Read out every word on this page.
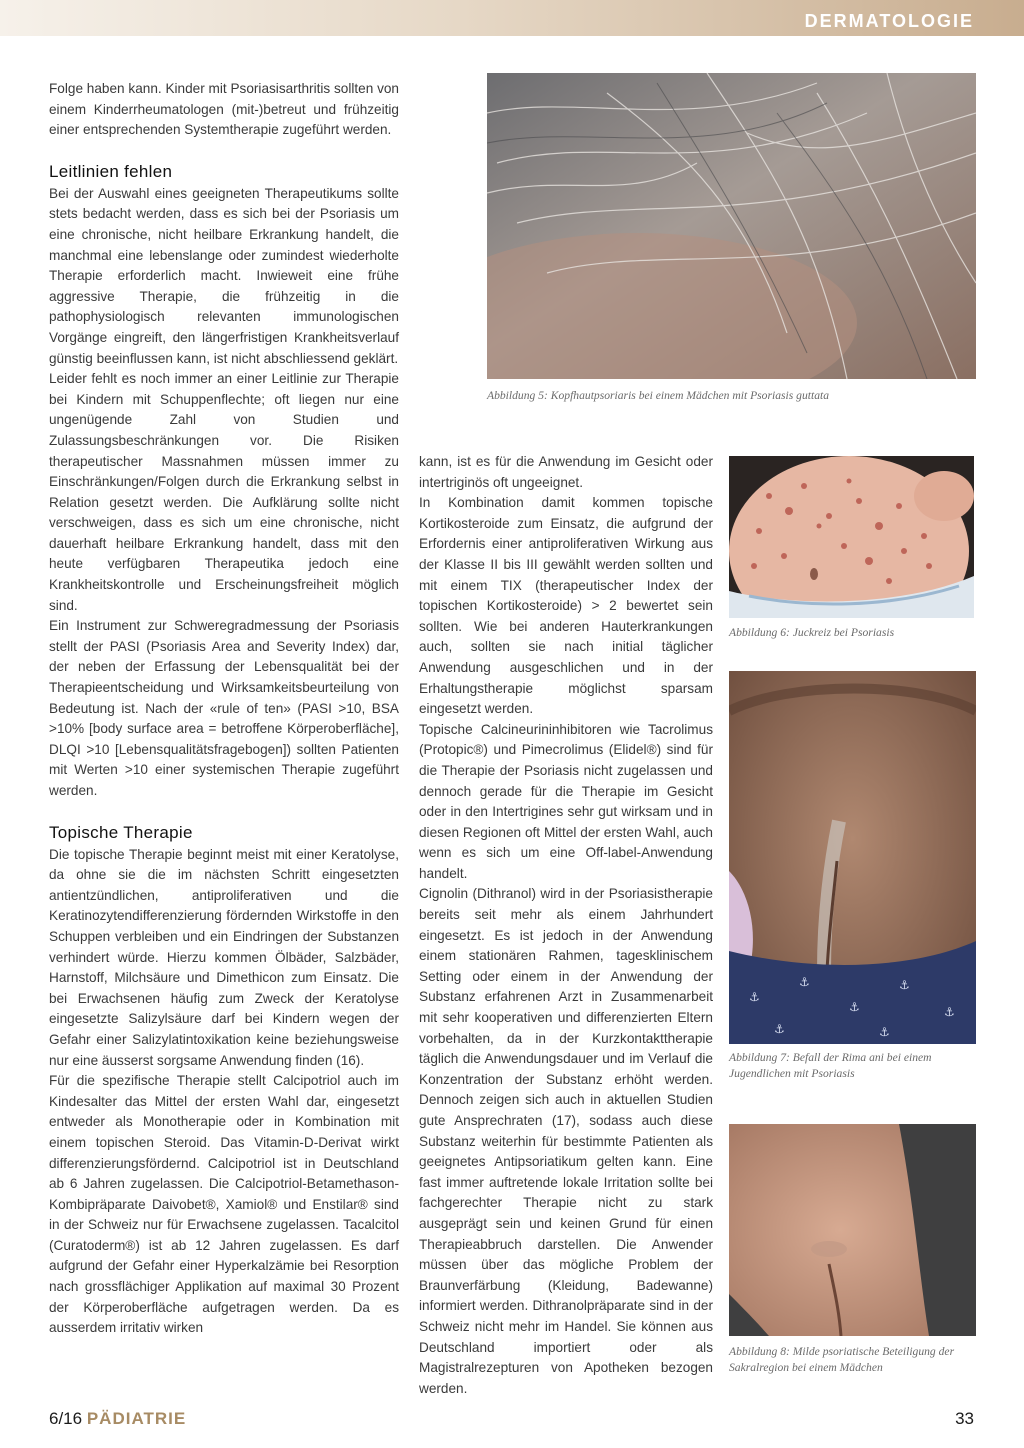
DERMATOLOGIE

Folge haben kann. Kinder mit Psoriasisarthritis sollten von einem Kinderrheumatologen (mit-)betreut und frühzeitig einer entsprechenden Systemtherapie zugeführt werden.

Leitlinien fehlen

Bei der Auswahl eines geeigneten Therapeutikums sollte stets bedacht werden, dass es sich bei der Psoriasis um eine chronische, nicht heilbare Erkrankung handelt, die manchmal eine lebenslange oder zumindest wiederholte Therapie erforderlich macht. Inwieweit eine frühe aggressive Therapie, die frühzeitig in die pathophysiologisch relevanten immunologischen Vorgänge eingreift, den längerfristigen Krankheitsverlauf günstig beeinflussen kann, ist nicht abschliessend geklärt.

Leider fehlt es noch immer an einer Leitlinie zur Therapie bei Kindern mit Schuppenflechte; oft liegen nur eine ungenügende Zahl von Studien und Zulassungsbeschränkungen vor. Die Risiken therapeutischer Massnahmen müssen immer zu Einschränkungen/Folgen durch die Erkrankung selbst in Relation gesetzt werden. Die Aufklärung sollte nicht verschweigen, dass es sich um eine chronische, nicht dauerhaft heilbare Erkrankung handelt, dass mit den heute verfügbaren Therapeutika jedoch eine Krankheitskontrolle und Erscheinungsfreiheit möglich sind.

Ein Instrument zur Schweregradmessung der Psoriasis stellt der PASI (Psoriasis Area and Severity Index) dar, der neben der Erfassung der Lebensqualität bei der Therapieentscheidung und Wirksamkeitsbeurteilung von Bedeutung ist. Nach der «rule of ten» (PASI >10, BSA >10% [body surface area = betroffene Körperoberfläche], DLQI >10 [Lebensqualitätsfragebogen]) sollten Patienten mit Werten >10 einer systemischen Therapie zugeführt werden.

Topische Therapie

Die topische Therapie beginnt meist mit einer Keratolyse, da ohne sie die im nächsten Schritt eingesetzten antientzündlichen, antiproliferativen und die Keratinozytendifferenzierung fördernden Wirkstoffe in den Schuppen verbleiben und ein Eindringen der Substanzen verhindert würde. Hierzu kommen Ölbäder, Salzbäder, Harnstoff, Milchsäure und Dimethicon zum Einsatz. Die bei Erwachsenen häufig zum Zweck der Keratolyse eingesetzte Salizylsäure darf bei Kindern wegen der Gefahr einer Salizylatintoxikation keine beziehungsweise nur eine äusserst sorgsame Anwendung finden (16).

Für die spezifische Therapie stellt Calcipotriol auch im Kindesalter das Mittel der ersten Wahl dar, eingesetzt entweder als Monotherapie oder in Kombination mit einem topischen Steroid. Das Vitamin-D-Derivat wirkt differenzierungsfördernd. Calcipotriol ist in Deutschland ab 6 Jahren zugelassen. Die Calcipotriol-Betamethason-Kombipräparate Daivobet®, Xamiol® und Enstilar® sind in der Schweiz nur für Erwachsene zugelassen. Tacalcitol (Curatoderm®) ist ab 12 Jahren zugelassen. Es darf aufgrund der Gefahr einer Hyperkalzämie bei Resorption nach grossflächiger Applikation auf maximal 30 Prozent der Körperoberfläche aufgetragen werden. Da es ausserdem irritativ wirken

kann, ist es für die Anwendung im Gesicht oder intertriginös oft ungeeignet.

In Kombination damit kommen topische Kortikosteroide zum Einsatz, die aufgrund der Erfordernis einer antiproliferativen Wirkung aus der Klasse II bis III gewählt werden sollten und mit einem TIX (therapeutischer Index der topischen Kortikosteroide) > 2 bewertet sein sollten. Wie bei anderen Hauterkrankungen auch, sollten sie nach initial täglicher Anwendung ausgeschlichen und in der Erhaltungstherapie möglichst sparsam eingesetzt werden.

Topische Calcineurininhibitoren wie Tacrolimus (Protopic®) und Pimecrolimus (Elidel®) sind für die Therapie der Psoriasis nicht zugelassen und dennoch gerade für die Therapie im Gesicht oder in den Intertrigines sehr gut wirksam und in diesen Regionen oft Mittel der ersten Wahl, auch wenn es sich um eine Off-label-Anwendung handelt.

Cignolin (Dithranol) wird in der Psoriasistherapie bereits seit mehr als einem Jahrhundert eingesetzt. Es ist jedoch in der Anwendung einem stationären Rahmen, tagesklinischem Setting oder einem in der Anwendung der Substanz erfahrenen Arzt in Zusammenarbeit mit sehr kooperativen und differenzierten Eltern vorbehalten, da in der Kurzkontakttherapie täglich die Anwendungsdauer und im Verlauf die Konzentration der Substanz erhöht werden. Dennoch zeigen sich auch in aktuellen Studien gute Ansprechraten (17), sodass auch diese Substanz weiterhin für bestimmte Patienten als geeignetes Antipsoriatikum gelten kann. Eine fast immer auftretende lokale Irritation sollte bei fachgerechter Therapie nicht zu stark ausgeprägt sein und keinen Grund für einen Therapieabbruch darstellen. Die Anwender müssen über das mögliche Problem der Braunverfärbung (Kleidung, Badewanne) informiert werden. Dithranolpräparate sind in der Schweiz nicht mehr im Handel. Sie können aus Deutschland importiert oder als Magistralrezepturen von Apotheken bezogen werden.

Abbildung 5: Kopfhautpsoriaris bei einem Mädchen mit Psoriasis guttata
Abbildung 6: Juckreiz bei Psoriasis
⚓
⚓
⚓
⚓
⚓
⚓	⚓
Abbildung 7: Befall der Rima ani bei einem Jugendlichen mit Psoriasis
Abbildung 8: Milde psoriatische Beteiligung der Sakralregion bei einem Mädchen
6/16 PÄDIATRIE	33
